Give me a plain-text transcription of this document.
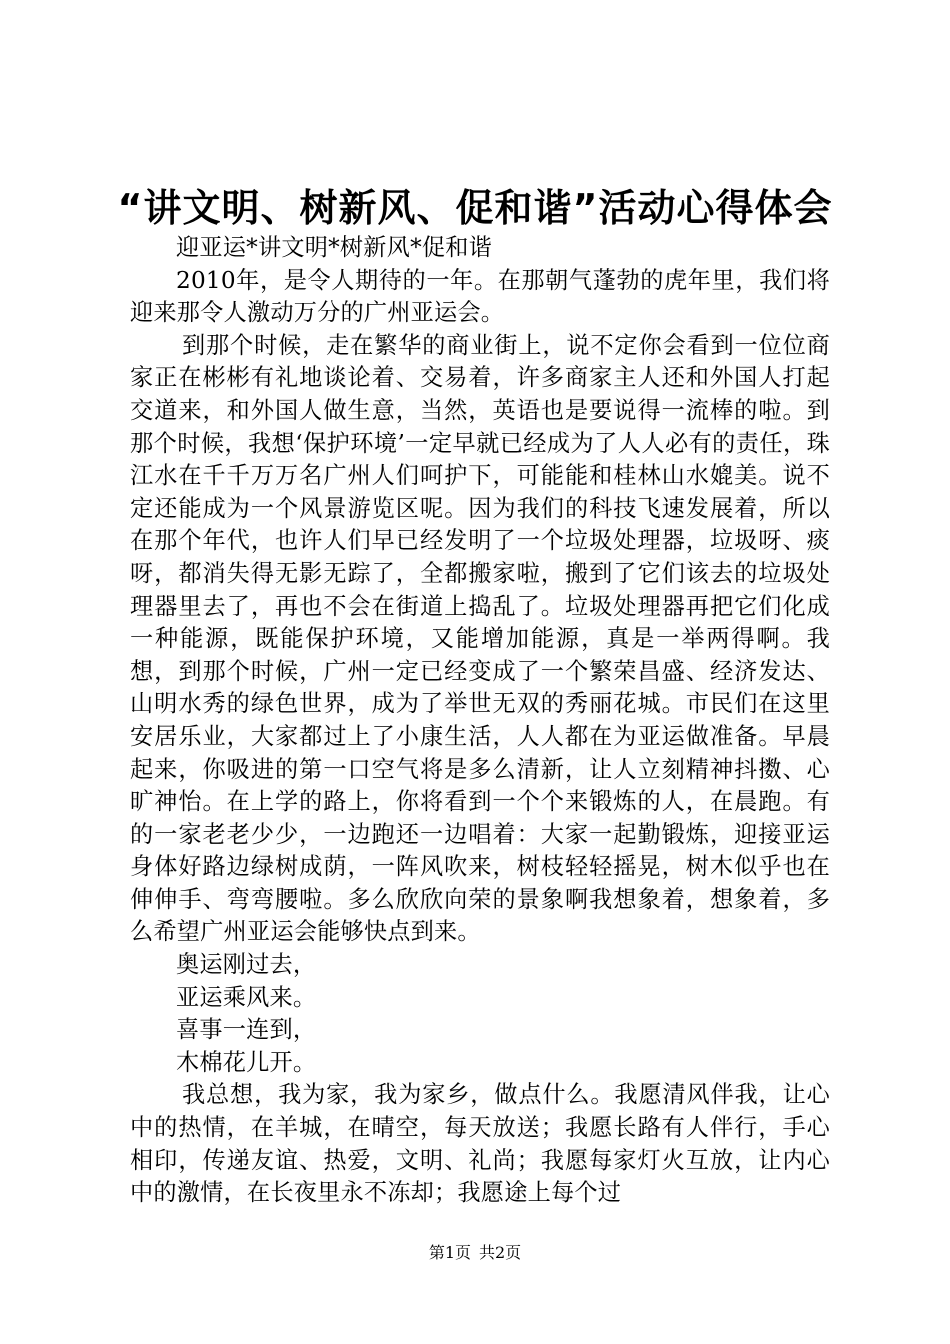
“讲文明、树新风、促和谐”活动心得体会

迎亚运*讲文明*树新风*促和谐

2010年，是令人期待的一年。在那朝气蓬勃的虎年里，我们将迎来那令人激动万分的广州亚运会。

到那个时候，走在繁华的商业街上，说不定你会看到一位位商家正在彬彬有礼地谈论着、交易着，许多商家主人还和外国人打起交道来，和外国人做生意，当然，英语也是要说得一流棒的啦。到那个时候，我想‘保护环境’一定早就已经成为了人人必有的责任，珠江水在千千万万名广州人们呵护下，可能能和桂林山水媲美。说不定还能成为一个风景游览区呢。因为我们的科技飞速发展着，所以在那个年代，也许人们早已经发明了一个垃圾处理器，垃圾呀、痰呀，都消失得无影无踪了，全都搬家啦，搬到了它们该去的垃圾处理器里去了，再也不会在街道上捣乱了。垃圾处理器再把它们化成一种能源，既能保护环境，又能增加能源，真是一举两得啊。我想，到那个时候，广州一定已经变成了一个繁荣昌盛、经济发达、山明水秀的绿色世界，成为了举世无双的秀丽花城。市民们在这里安居乐业，大家都过上了小康生活，人人都在为亚运做准备。早晨起来，你吸进的第一口空气将是多么清新，让人立刻精神抖擞、心旷神怡。在上学的路上，你将看到一个个来锻炼的人，在晨跑。有的一家老老少少，一边跑还一边唱着：大家一起勤锻炼，迎接亚运身体好路边绿树成荫，一阵风吹来，树枝轻轻摇晃，树木似乎也在伸伸手、弯弯腰啦。多么欣欣向荣的景象啊我想象着，想象着，多么希望广州亚运会能够快点到来。

奥运刚过去，

亚运乘风来。

喜事一连到，

木棉花儿开。

我总想，我为家，我为家乡，做点什么。我愿清风伴我，让心中的热情，在羊城，在晴空，每天放送；我愿长路有人伴行，手心相印，传递友谊、热爱，文明、礼尚；我愿每家灯火互放，让内心中的激情，在长夜里永不冻却；我愿途上每个过

第1页 共2页
